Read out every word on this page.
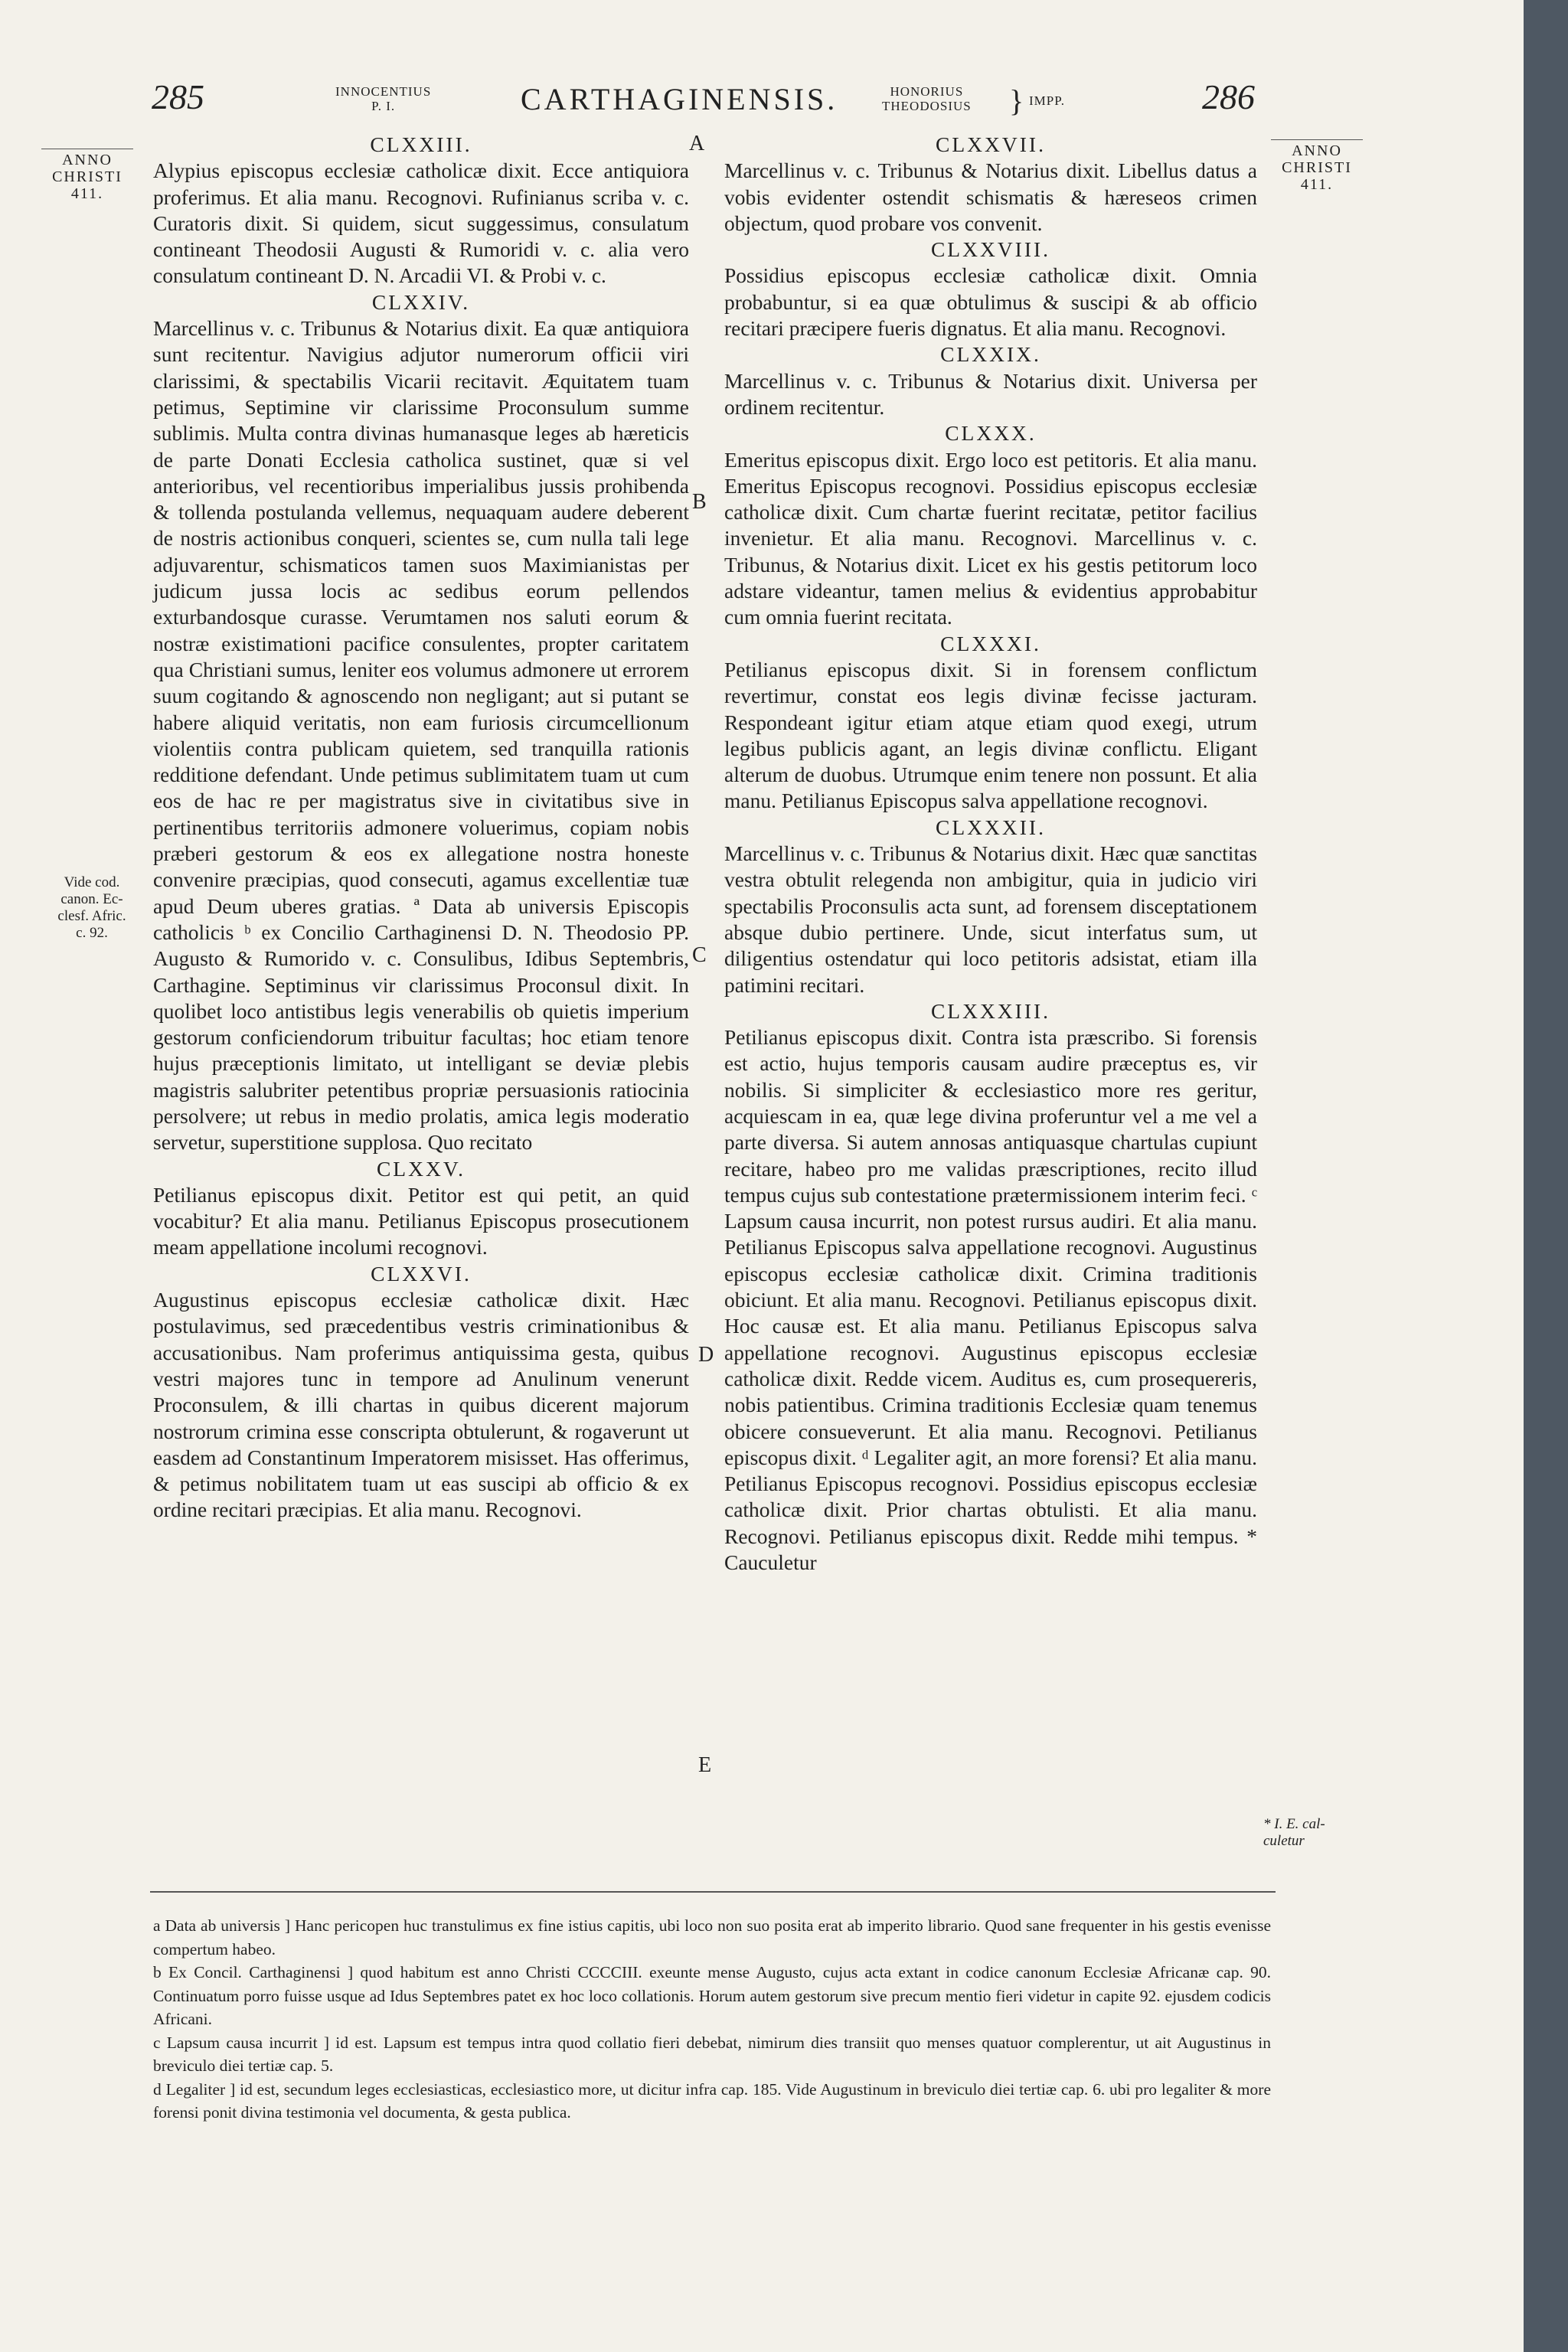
285	INNOCENTIUS
P. I.	CARTHAGINENSIS.	HONORIUS
THEODOSIUS } IMPP.	286
ANNO
CHRISTI
411.
ANNO
CHRISTI
411.
Vide cod.
canon. Ec-
clesf. Afric.
c. 92.
* I. E. cal-
culetur
A
B
C
D
E

CLXXIII.

Alypius episcopus ecclesiæ catholicæ dixit. Ecce antiquiora proferimus. Et alia manu. Recognovi. Rufinianus scriba v. c. Curatoris dixit. Si quidem, sicut suggessimus, consulatum contineant Theodosii Augusti & Rumoridi v. c. alia vero consulatum contineant D. N. Arcadii VI. & Probi v. c.

CLXXIV.

Marcellinus v. c. Tribunus & Notarius dixit. Ea quæ antiquiora sunt recitentur. Navigius adjutor numerorum officii viri clarissimi, & spectabilis Vicarii recitavit. Æquitatem tuam petimus, Septimine vir clarissime Proconsulum summe sublimis. Multa contra divinas humanasque leges ab hæreticis de parte Donati Ecclesia catholica sustinet, quæ si vel anterioribus, vel recentioribus imperialibus jussis prohibenda & tollenda postulanda vellemus, nequaquam audere deberent de nostris actionibus conqueri, scientes se, cum nulla tali lege adjuvarentur, schismaticos tamen suos Maximianistas per judicum jussa locis ac sedibus eorum pellendos exturbandosque curasse. Verumtamen nos saluti eorum & nostræ existimationi pacifice consulentes, propter caritatem qua Christiani sumus, leniter eos volumus admonere ut errorem suum cogitando & agnoscendo non negligant; aut si putant se habere aliquid veritatis, non eam furiosis circumcellionum violentiis contra publicam quietem, sed tranquilla rationis redditione defendant. Unde petimus sublimitatem tuam ut cum eos de hac re per magistratus sive in civitatibus sive in pertinentibus territoriis admonere voluerimus, copiam nobis præberi gestorum & eos ex allegatione nostra honeste convenire præcipias, quod consecuti, agamus excellentiæ tuæ apud Deum uberes gratias. ª Data ab universis Episcopis catholicis ᵇ ex Concilio Carthaginensi D. N. Theodosio PP. Augusto & Rumorido v. c. Consulibus, Idibus Septembris, Carthagine. Septiminus vir clarissimus Proconsul dixit. In quolibet loco antistibus legis venerabilis ob quietis imperium gestorum conficiendorum tribuitur facultas; hoc etiam tenore hujus præceptionis limitato, ut intelligant se deviæ plebis magistris salubriter petentibus propriæ persuasionis ratiocinia persolvere; ut rebus in medio prolatis, amica legis moderatio servetur, superstitione supplosa. Quo recitato

CLXXV.

Petilianus episcopus dixit. Petitor est qui petit, an quid vocabitur? Et alia manu. Petilianus Episcopus prosecutionem meam appellatione incolumi recognovi.

CLXXVI.

Augustinus episcopus ecclesiæ catholicæ dixit. Hæc postulavimus, sed præcedentibus vestris criminationibus & accusationibus. Nam proferimus antiquissima gesta, quibus vestri majores tunc in tempore ad Anulinum venerunt Proconsulem, & illi chartas in quibus dicerent majorum nostrorum crimina esse conscripta obtulerunt, & rogaverunt ut easdem ad Constantinum Imperatorem misisset. Has offerimus, & petimus nobilitatem tuam ut eas suscipi ab officio & ex ordine recitari præcipias. Et alia manu. Recognovi.

CLXXVII.

Marcellinus v. c. Tribunus & Notarius dixit. Libellus datus a vobis evidenter ostendit schismatis & hæreseos crimen objectum, quod probare vos convenit.

CLXXVIII.

Possidius episcopus ecclesiæ catholicæ dixit. Omnia probabuntur, si ea quæ obtulimus & suscipi & ab officio recitari præcipere fueris dignatus. Et alia manu. Recognovi.

CLXXIX.

Marcellinus v. c. Tribunus & Notarius dixit. Universa per ordinem recitentur.

CLXXX.

Emeritus episcopus dixit. Ergo loco est petitoris. Et alia manu. Emeritus Episcopus recognovi. Possidius episcopus ecclesiæ catholicæ dixit. Cum chartæ fuerint recitatæ, petitor facilius invenietur. Et alia manu. Recognovi. Marcellinus v. c. Tribunus, & Notarius dixit. Licet ex his gestis petitorum loco adstare videantur, tamen melius & evidentius approbabitur cum omnia fuerint recitata.

CLXXXI.

Petilianus episcopus dixit. Si in forensem conflictum revertimur, constat eos legis divinæ fecisse jacturam. Respondeant igitur etiam atque etiam quod exegi, utrum legibus publicis agant, an legis divinæ conflictu. Eligant alterum de duobus. Utrumque enim tenere non possunt. Et alia manu. Petilianus Episcopus salva appellatione recognovi.

CLXXXII.

Marcellinus v. c. Tribunus & Notarius dixit. Hæc quæ sanctitas vestra obtulit relegenda non ambigitur, quia in judicio viri spectabilis Proconsulis acta sunt, ad forensem disceptationem absque dubio pertinere. Unde, sicut interfatus sum, ut diligentius ostendatur qui loco petitoris adsistat, etiam illa patimini recitari.

CLXXXIII.

Petilianus episcopus dixit. Contra ista præscribo. Si forensis est actio, hujus temporis causam audire præceptus es, vir nobilis. Si simpliciter & ecclesiastico more res geritur, acquiescam in ea, quæ lege divina proferuntur vel a me vel a parte diversa. Si autem annosas antiquasque chartulas cupiunt recitare, habeo pro me validas præscriptiones, recito illud tempus cujus sub contestatione prætermissionem interim feci. ᶜ Lapsum causa incurrit, non potest rursus audiri. Et alia manu. Petilianus Episcopus salva appellatione recognovi. Augustinus episcopus ecclesiæ catholicæ dixit. Crimina traditionis obiciunt. Et alia manu. Recognovi. Petilianus episcopus dixit. Hoc causæ est. Et alia manu. Petilianus Episcopus salva appellatione recognovi. Augustinus episcopus ecclesiæ catholicæ dixit. Redde vicem. Auditus es, cum prosequereris, nobis patientibus. Crimina traditionis Ecclesiæ quam tenemus obicere consueverunt. Et alia manu. Recognovi. Petilianus episcopus dixit. ᵈ Legaliter agit, an more forensi? Et alia manu. Petilianus Episcopus recognovi. Possidius episcopus ecclesiæ catholicæ dixit. Prior chartas obtulisti. Et alia manu. Recognovi. Petilianus episcopus dixit. Redde mihi tempus. * Cauculetur

a Data ab universis ] Hanc pericopen huc transtulimus ex fine istius capitis, ubi loco non suo posita erat ab imperito librario. Quod sane frequenter in his gestis evenisse compertum habeo.

b Ex Concil. Carthaginensi ] quod habitum est anno Christi CCCCIII. exeunte mense Augusto, cujus acta extant in codice canonum Ecclesiæ Africanæ cap. 90. Continuatum porro fuisse usque ad Idus Septembres patet ex hoc loco collationis. Horum autem gestorum sive precum mentio fieri videtur in capite 92. ejusdem codicis Africani.

c Lapsum causa incurrit ] id est. Lapsum est tempus intra quod collatio fieri debebat, nimirum dies transiit quo menses quatuor complerentur, ut ait Augustinus in breviculo diei tertiæ cap. 5.

d Legaliter ] id est, secundum leges ecclesiasticas, ecclesiastico more, ut dicitur infra cap. 185. Vide Augustinum in breviculo diei tertiæ cap. 6. ubi pro legaliter & more forensi ponit divina testimonia vel documenta, & gesta publica.
